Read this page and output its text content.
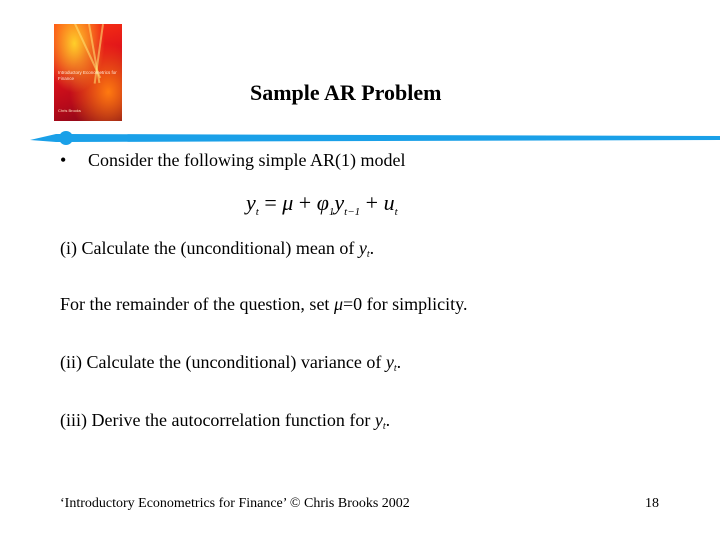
Introductory Econometrics for Finance
Chris Brooks
Sample AR Problem
• Consider the following simple AR(1) model
$y_t = \mu + \varphi_1y_{t-1} + u_t$
(i) Calculate the (unconditional) mean of $y_t$.
For the remainder of the question, set μ=0 for simplicity.
(ii) Calculate the (unconditional) variance of $y_t$.
(iii) Derive the autocorrelation function for $y_t$.
‘Introductory Econometrics for Finance’ © Chris Brooks 2002	18
